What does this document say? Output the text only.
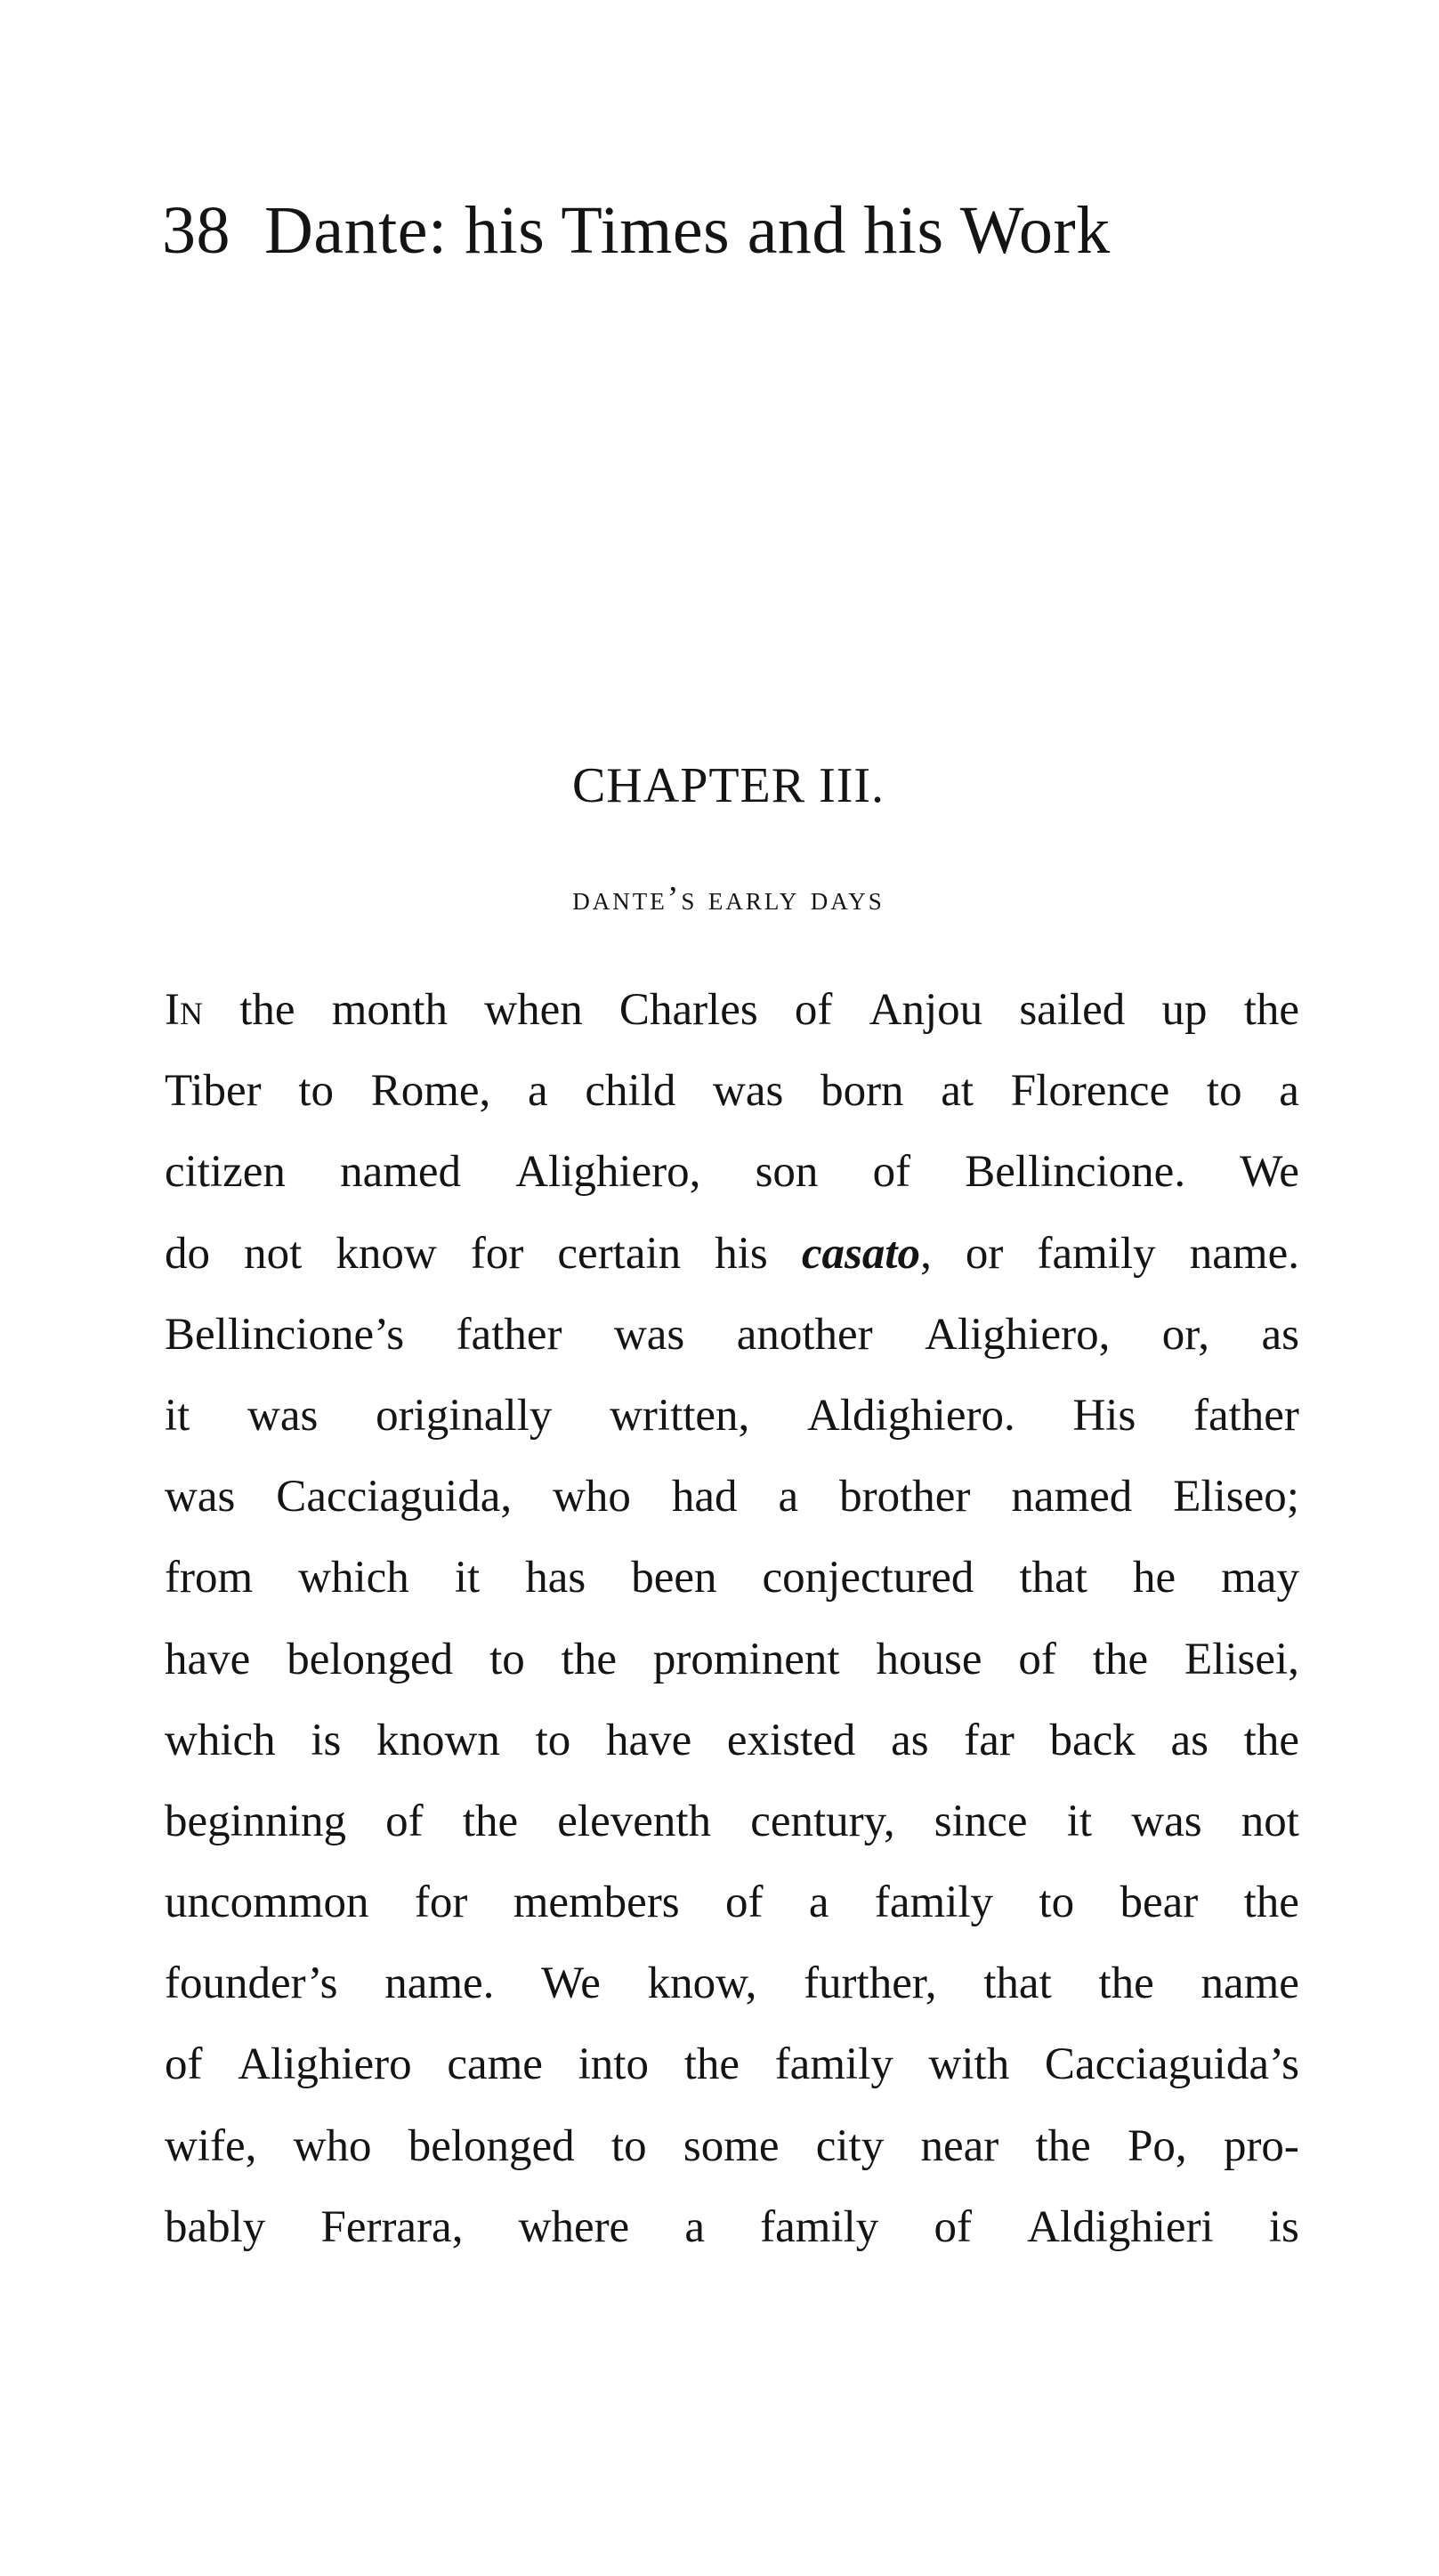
38 Dante: his Times and his Work
CHAPTER III.
dante’s early days
In the month when Charles of Anjou sailed up the
Tiber to Rome, a child was born at Florence to a
citizen named Alighiero, son of Bellincione. We
do not know for certain his casato, or family name.
Bellincione’s father was another Alighiero, or, as
it was originally written, Aldighiero. His father
was Cacciaguida, who had a brother named Eliseo;
from which it has been conjectured that he may
have belonged to the prominent house of the Elisei,
which is known to have existed as far back as the
beginning of the eleventh century, since it was not
uncommon for members of a family to bear the
founder’s name. We know, further, that the name
of Alighiero came into the family with Cacciaguida’s
wife, who belonged to some city near the Po, pro-
bably Ferrara, where a family of Aldighieri is
